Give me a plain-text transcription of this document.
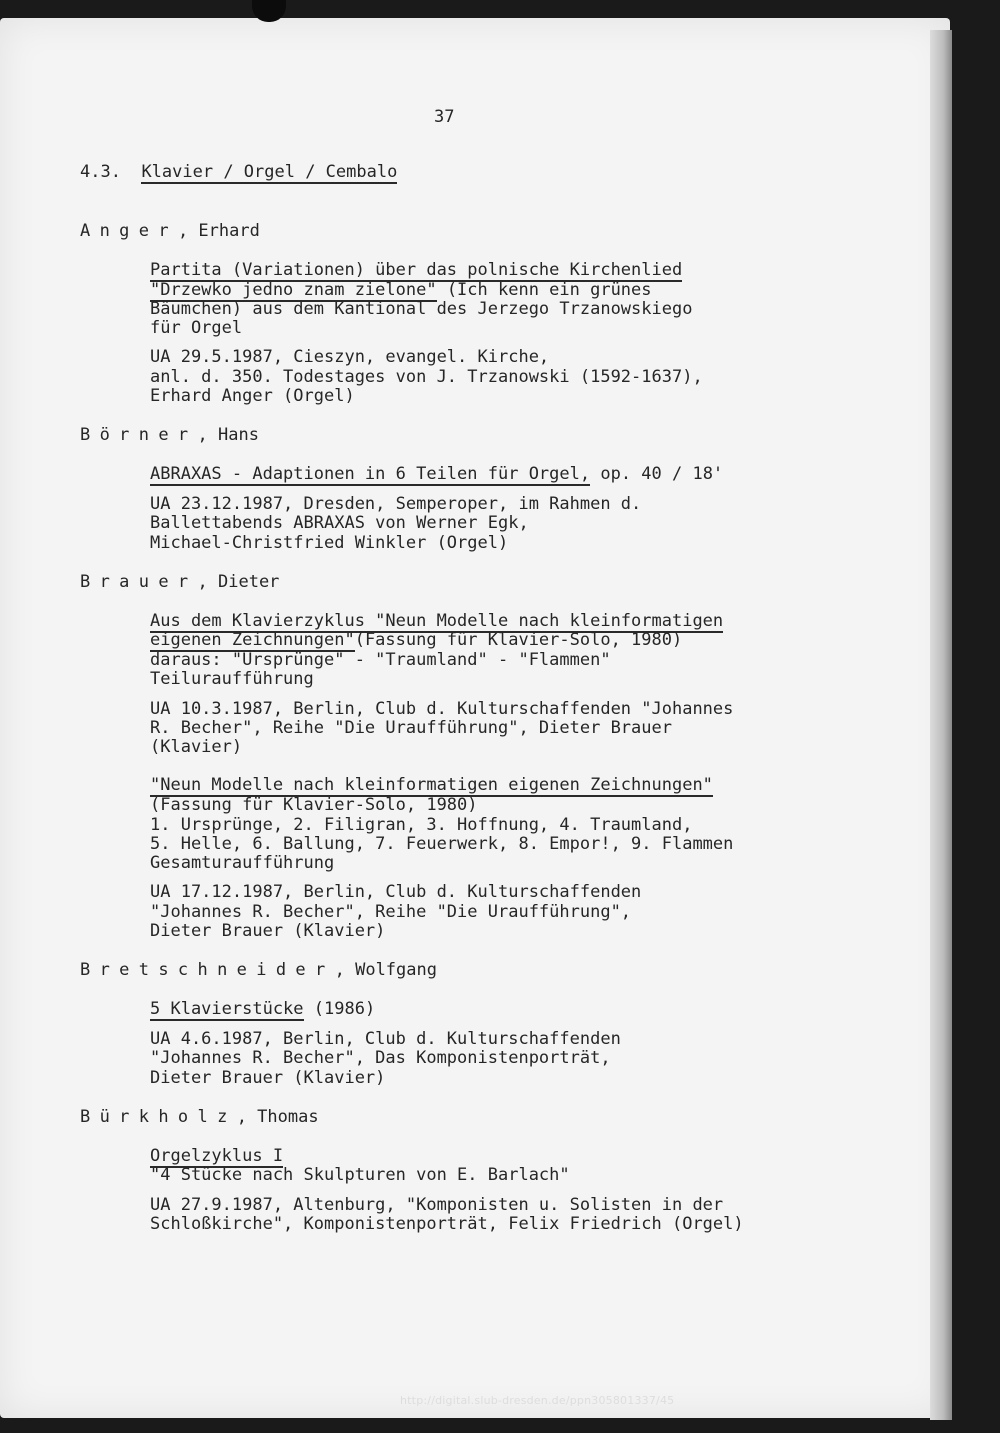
37
4.3. Klavier / Orgel / Cembalo
Anger, Erhard
Partita (Variationen) über das polnische Kirchenlied
"Drzewko jedno znam zielone" (Ich kenn ein grünes
Bäumchen) aus dem Kantional des Jerzego Trzanowskiego
für Orgel
UA 29.5.1987, Cieszyn, evangel. Kirche,
anl. d. 350. Todestages von J. Trzanowski (1592-1637),
Erhard Anger (Orgel)
Börner, Hans
ABRAXAS - Adaptionen in 6 Teilen für Orgel, op. 40 / 18'
UA 23.12.1987, Dresden, Semperoper, im Rahmen d.
Ballettabends ABRAXAS von Werner Egk,
Michael-Christfried Winkler (Orgel)
Brauer, Dieter
Aus dem Klavierzyklus "Neun Modelle nach kleinformatigen
eigenen Zeichnungen"(Fassung für Klavier-Solo, 1980)
daraus: "Ursprünge" - "Traumland" - "Flammen"
Teiluraufführung
UA 10.3.1987, Berlin, Club d. Kulturschaffenden "Johannes
R. Becher", Reihe "Die Uraufführung", Dieter Brauer
(Klavier)
"Neun Modelle nach kleinformatigen eigenen Zeichnungen"
(Fassung für Klavier-Solo, 1980)
1. Ursprünge, 2. Filigran, 3. Hoffnung, 4. Traumland,
5. Helle, 6. Ballung, 7. Feuerwerk, 8. Empor!, 9. Flammen
Gesamturaufführung
UA 17.12.1987, Berlin, Club d. Kulturschaffenden
"Johannes R. Becher", Reihe "Die Uraufführung",
Dieter Brauer (Klavier)
Bretschneider, Wolfgang
5 Klavierstücke (1986)
UA 4.6.1987, Berlin, Club d. Kulturschaffenden
"Johannes R. Becher", Das Komponistenporträt,
Dieter Brauer (Klavier)
Bürkholz, Thomas
Orgelzyklus I
"4 Stücke nach Skulpturen von E. Barlach"
UA 27.9.1987, Altenburg, "Komponisten u. Solisten in der
Schloßkirche", Komponistenporträt, Felix Friedrich (Orgel)
http://digital.slub-dresden.de/ppn305801337/45
